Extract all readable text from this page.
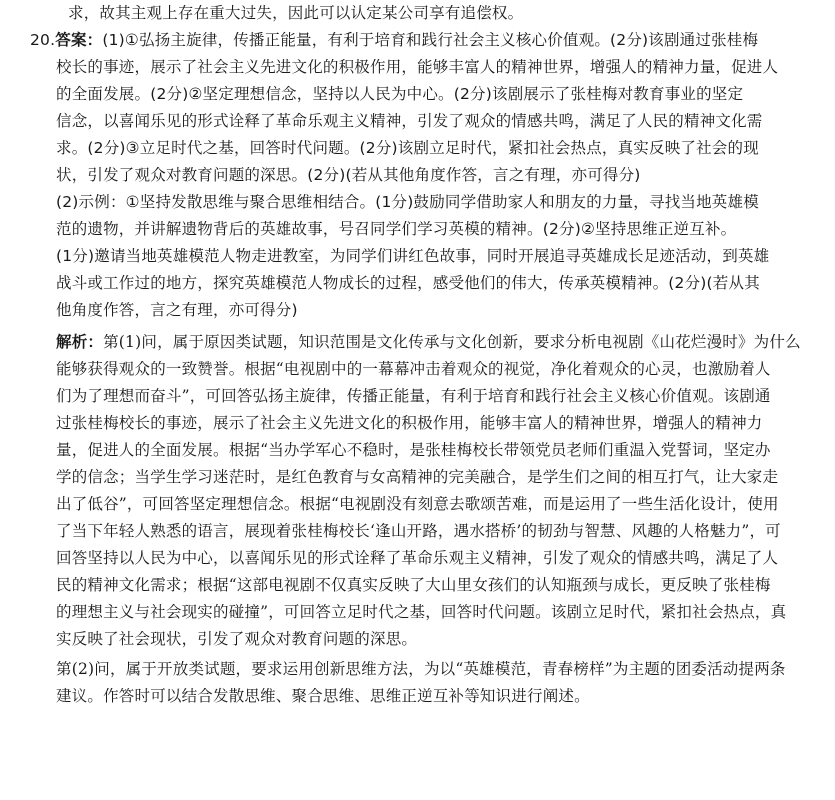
求，故其主观上存在重大过失，因此可以认定某公司享有追偿权。
20.答案：(1)①弘扬主旋律，传播正能量，有利于培育和践行社会主义核心价值观。(2分)该剧通过张桂梅
校长的事迹，展示了社会主义先进文化的积极作用，能够丰富人的精神世界，增强人的精神力量，促进人
的全面发展。(2分)②坚定理想信念，坚持以人民为中心。(2分)该剧展示了张桂梅对教育事业的坚定
信念，以喜闻乐见的形式诠释了革命乐观主义精神，引发了观众的情感共鸣，满足了人民的精神文化需
求。(2分)③立足时代之基，回答时代问题。(2分)该剧立足时代，紧扣社会热点，真实反映了社会的现
状，引发了观众对教育问题的深思。(2分)(若从其他角度作答，言之有理，亦可得分)
(2)示例：①坚持发散思维与聚合思维相结合。(1分)鼓励同学借助家人和朋友的力量，寻找当地英雄模
范的遗物，并讲解遗物背后的英雄故事，号召同学们学习英模的精神。(2分)②坚持思维正逆互补。
(1分)邀请当地英雄模范人物走进教室，为同学们讲红色故事，同时开展追寻英雄成长足迹活动，到英雄
战斗或工作过的地方，探究英雄模范人物成长的过程，感受他们的伟大，传承英模精神。(2分)(若从其
他角度作答，言之有理，亦可得分)
解析：第(1)问，属于原因类试题，知识范围是文化传承与文化创新，要求分析电视剧《山花烂漫时》为什么
能够获得观众的一致赞誉。根据“电视剧中的一幕幕冲击着观众的视觉，净化着观众的心灵，也激励着人
们为了理想而奋斗”，可回答弘扬主旋律，传播正能量，有利于培育和践行社会主义核心价值观。该剧通
过张桂梅校长的事迹，展示了社会主义先进文化的积极作用，能够丰富人的精神世界，增强人的精神力
量，促进人的全面发展。根据“当办学军心不稳时，是张桂梅校长带领党员老师们重温入党誓词，坚定办
学的信念；当学生学习迷茫时，是红色教育与女高精神的完美融合，是学生们之间的相互打气，让大家走
出了低谷”，可回答坚定理想信念。根据“电视剧没有刻意去歌颂苦难，而是运用了一些生活化设计，使用
了当下年轻人熟悉的语言，展现着张桂梅校长‘逢山开路，遇水搭桥’的韧劲与智慧、风趣的人格魅力”，可
回答坚持以人民为中心，以喜闻乐见的形式诠释了革命乐观主义精神，引发了观众的情感共鸣，满足了人
民的精神文化需求；根据“这部电视剧不仅真实反映了大山里女孩们的认知瓶颈与成长，更反映了张桂梅
的理想主义与社会现实的碰撞”，可回答立足时代之基，回答时代问题。该剧立足时代，紧扣社会热点，真
实反映了社会现状，引发了观众对教育问题的深思。
第(2)问，属于开放类试题，要求运用创新思维方法，为以“英雄模范，青春榜样”为主题的团委活动提两条
建议。作答时可以结合发散思维、聚合思维、思维正逆互补等知识进行阐述。
